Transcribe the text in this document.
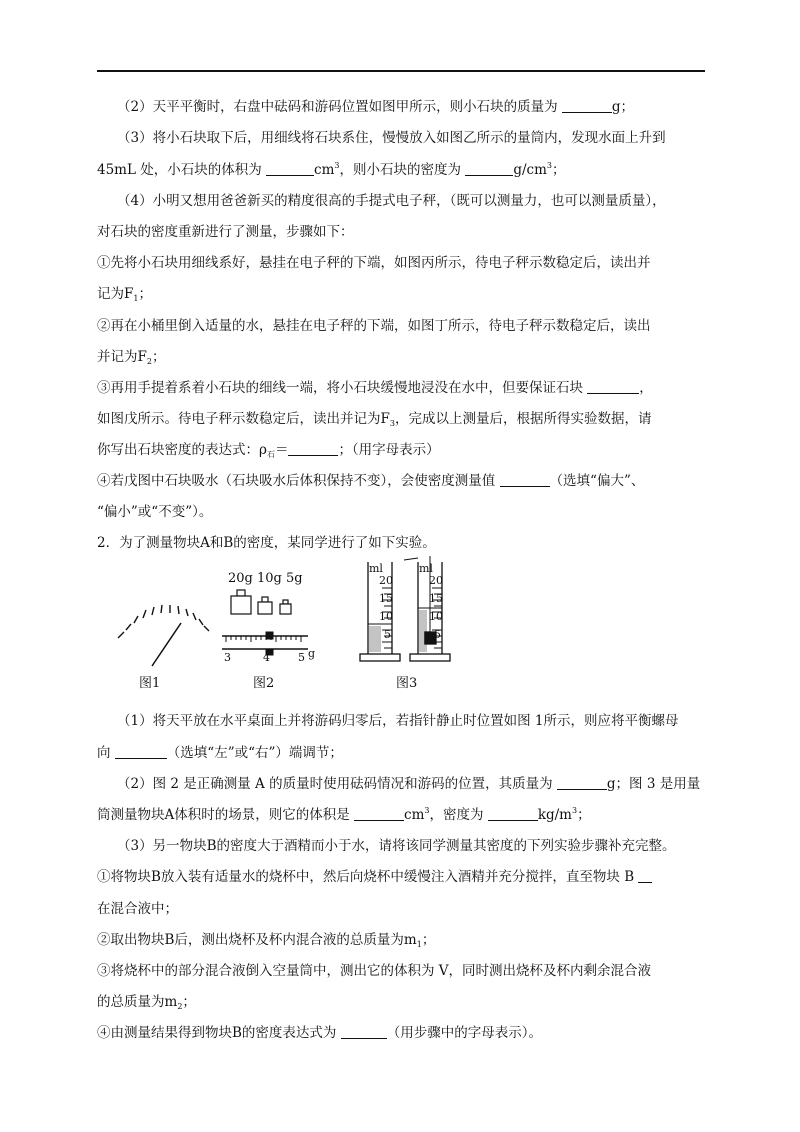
（2）天平平衡时，右盘中砝码和游码位置如图甲所示，则小石块的质量为	g；
（3）将小石块取下后，用细线将石块系住，慢慢放入如图乙所示的量筒内，发现水面上升到
45mL 处，小石块的体积为	$cm^3$，则小石块的密度为	$g/cm^3$；
（4）小明又想用爸爸新买的精度很高的手提式电子秤，（既可以测量力，也可以测量质量），
对石块的密度重新进行了测量，步骤如下：
①先将小石块用细线系好，悬挂在电子秤的下端，如图丙所示，待电子秤示数稳定后，读出并
记为$F_1$；
②再在小桶里倒入适量的水，悬挂在电子秤的下端，如图丁所示，待电子秤示数稳定后，读出
并记为$F_2$；
③再用手提着系着小石块的细线一端，将小石块缓慢地浸没在水中，但要保证石块	，
如图戊所示。待电子秤示数稳定后，读出并记为$F_3$，完成以上测量后，根据所得实验数据，请
你写出石块密度的表达式：$\rho_石=$	；（用字母表示）
④若戊图中石块吸水（石块吸水后体积保持不变），会使密度测量值	（选填“偏大”、
“偏小”或“不变”）。
2．为了测量物块A和B的密度，某同学进行了如下实验。
图1
20g 10g 5g
3	4	5 g
图2
ml
20
15
10
5
ml
20
15
10
5
图3
（1）将天平放在水平桌面上并将游码归零后，若指针静止时位置如图 1所示，则应将平衡螺母
向	（选填“左”或“右”）端调节；
（2）图 2 是正确测量 A 的质量时使用砝码情况和游码的位置，其质量为	g；图 3 是用量
筒测量物块A体积时的场景，则它的体积是	$cm^3$，密度为	$kg/m^3$；
（3）另一物块B的密度大于酒精而小于水，请将该同学测量其密度的下列实验步骤补充完整。
①将物块B放入装有适量水的烧杯中，然后向烧杯中缓慢注入酒精并充分搅拌，直至物块 B
在混合液中；
②取出物块B后，测出烧杯及杯内混合液的总质量为$m_1$；
③将烧杯中的部分混合液倒入空量筒中，测出它的体积为 V，同时测出烧杯及杯内剩余混合液
的总质量为$m_2$；
④由测量结果得到物块B的密度表达式为	（用步骤中的字母表示）。
